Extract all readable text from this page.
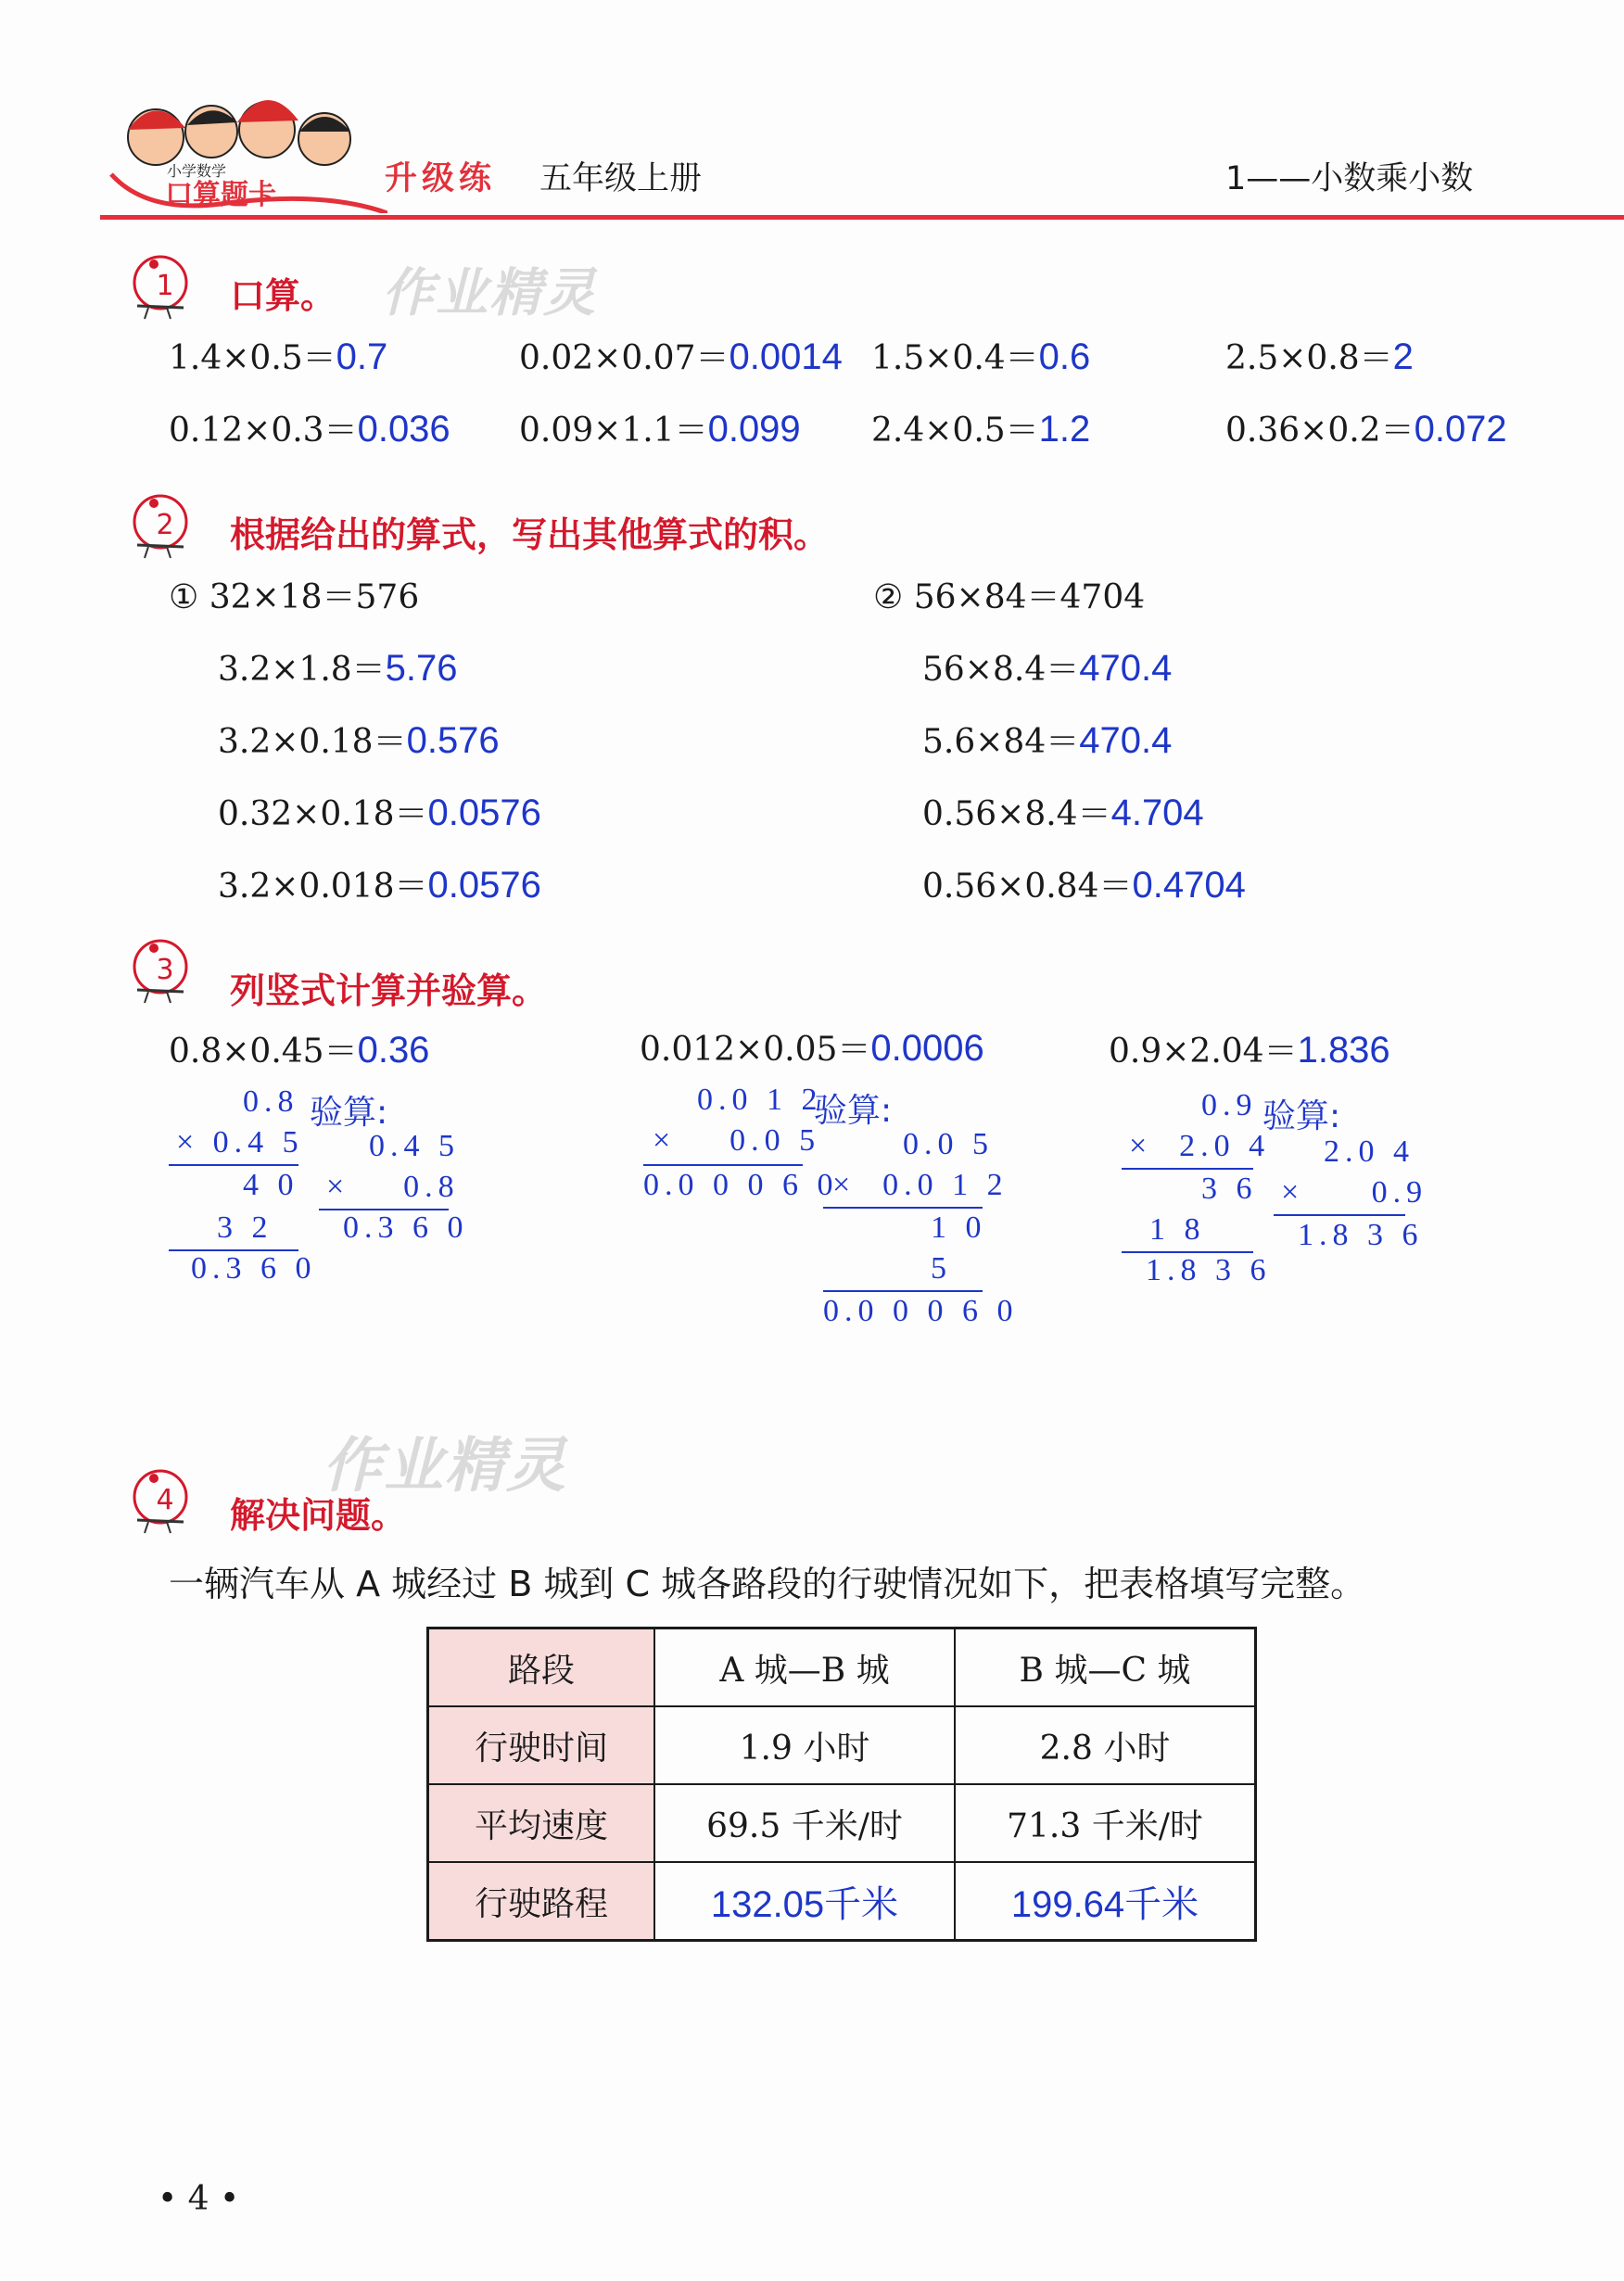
小学数学
口算题卡	升级练 五年级上册	1——小数乘小数
1 口算。 作业精灵
1.4×0.5＝0.7	0.02×0.07＝0.0014 1.5×0.4＝0.6	2.5×0.8＝2
0.12×0.3＝0.036 0.09×1.1＝0.099 2.4×0.5＝1.2	0.36×0.2＝0.072
2 根据给出的算式，写出其他算式的积。
① 32×18＝576
3.2×1.8＝5.76
3.2×0.18＝0.576
0.32×0.18＝0.0576
3.2×0.018＝0.0576
② 56×84＝4704
56×8.4＝470.4
5.6×84＝470.4
0.56×8.4＝4.704
0.56×0.84＝0.4704
3
列竖式计算并验算。
0.8×0.45＝0.36
0.8
× 0.4 5
4 0
3 2
0.3 6 0
验算:
0.4 5
×    0.8
0.3 6 0
0.012×0.05＝0.0006
0.0 1 2
×    0.0 5
0.0 0 0 6 0
验算:
0.0 5
×  0.0 1 2
1 0
5
0.0 0 0 6 0
0.9×2.04＝1.836
0.9
×  2.0 4
3 6
1 8
1.8 3 6
验算:
2.0 4
×     0.9
1.8 3 6
作业精灵
4 解决问题。
一辆汽车从 A 城经过 B 城到 C 城各路段的行驶情况如下，把表格填写完整。
路段	A 城—B 城	B 城—C 城
行驶时间	1.9 小时	2.8 小时
平均速度	69.5 千米/时	71.3 千米/时
行驶路程	132.05千米	199.64千米
• 4 •
